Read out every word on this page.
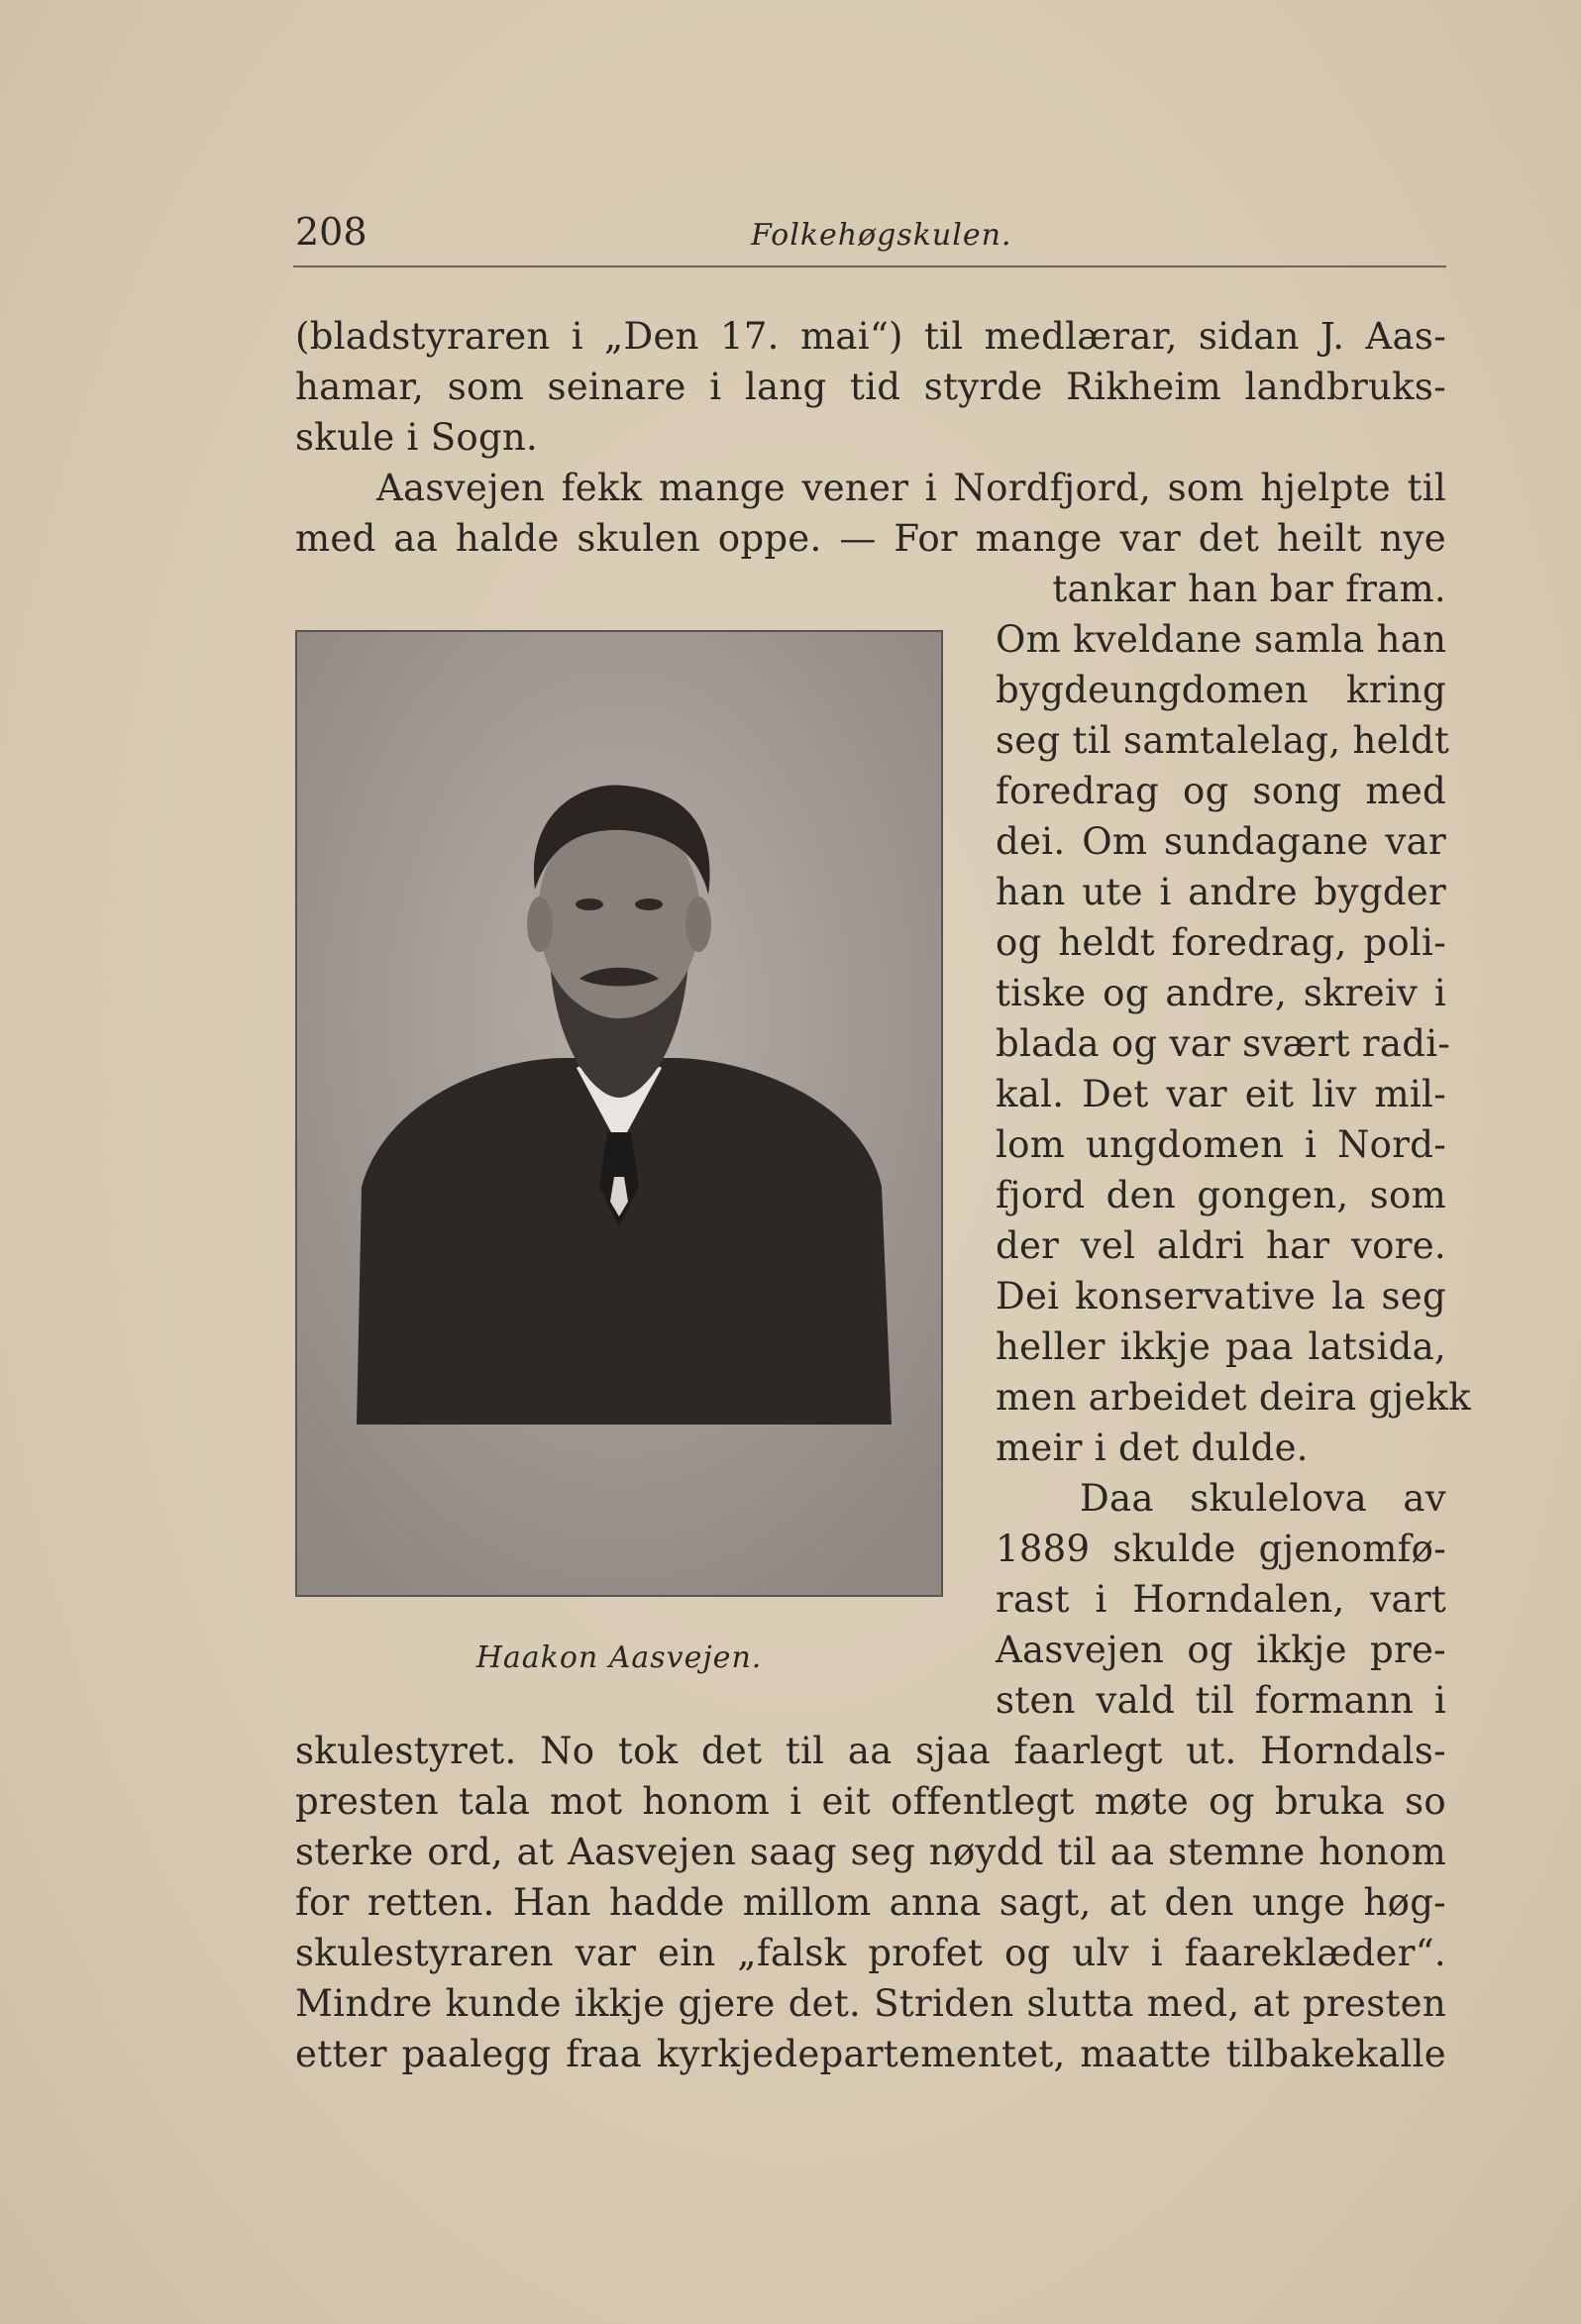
208	Folkehøgskulen.
(bladstyraren i „Den 17. mai“) til medlærar, sidan J. Aas-
hamar, som seinare i lang tid styrde Rikheim landbruks-
skule i Sogn.
Aasvejen fekk mange vener i Nordfjord, som hjelpte til
med aa halde skulen oppe. — For mange var det heilt nye
Haakon Aasvejen.
tankar han bar fram.
Om kveldane samla han
bygdeungdomen kring
seg til samtalelag, heldt
foredrag og song med
dei. Om sundagane var
han ute i andre bygder
og heldt foredrag, poli-
tiske og andre, skreiv i
blada og var svært radi-
kal. Det var eit liv mil-
lom ungdomen i Nord-
fjord den gongen, som
der vel aldri har vore.
Dei konservative la seg
heller ikkje paa latsida,
men arbeidet deira gjekk
meir i det dulde.
Daa skulelova av
1889 skulde gjenomfø-
rast i Horndalen, vart
Aasvejen og ikkje pre-
sten vald til formann i
skulestyret. No tok det til aa sjaa faarlegt ut. Horndals-
presten tala mot honom i eit offentlegt møte og bruka so
sterke ord, at Aasvejen saag seg nøydd til aa stemne honom
for retten. Han hadde millom anna sagt, at den unge høg-
skulestyraren var ein „falsk profet og ulv i faareklæder“.
Mindre kunde ikkje gjere det. Striden slutta med, at presten
etter paalegg fraa kyrkjedepartementet, maatte tilbakekalle
